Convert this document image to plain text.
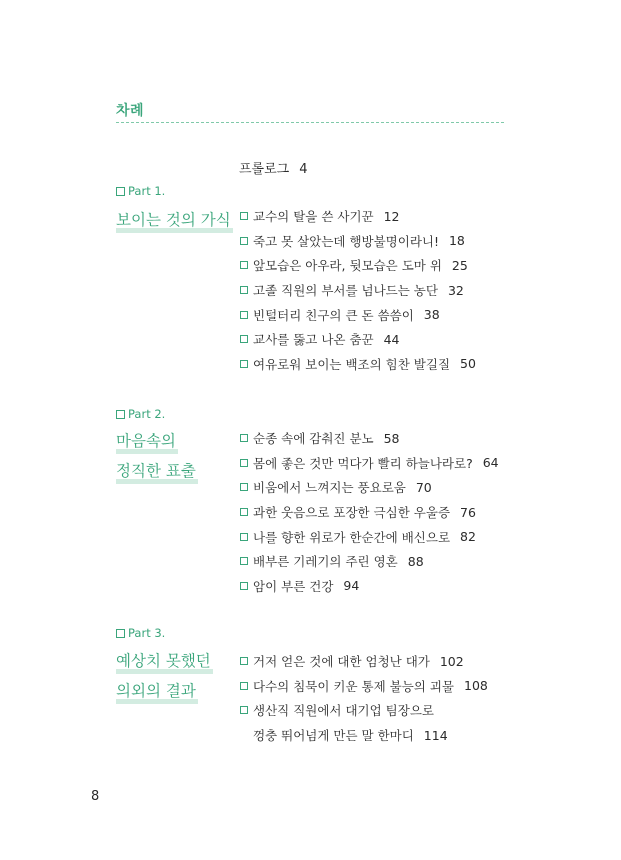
차례
프롤로그 4
Part 1.
보이는 것의 가식 교수의 탈을 쓴 사기꾼 12
죽고 못 살았는데 행방불명이라니! 18
앞모습은 아우라, 뒷모습은 도마 위 25
고졸 직원의 부서를 넘나드는 농단 32
빈털터리 친구의 큰 돈 씀씀이 38
교사를 뚫고 나온 춤꾼 44
여유로워 보이는 백조의 힘찬 발길질 50
Part 2.
마음속의
정직한 표출
순종 속에 감춰진 분노 58
몸에 좋은 것만 먹다가 빨리 하늘나라로? 64
비움에서 느껴지는 풍요로움 70
과한 웃음으로 포장한 극심한 우울증 76
나를 향한 위로가 한순간에 배신으로 82
배부른 기레기의 주린 영혼 88
암이 부른 건강 94
Part 3.
예상치 못했던
의외의 결과
거저 얻은 것에 대한 엄청난 대가 102
다수의 침묵이 키운 통제 불능의 괴물 108
생산직 직원에서 대기업 팀장으로
껑충 뛰어넘게 만든 말 한마디 114
8
